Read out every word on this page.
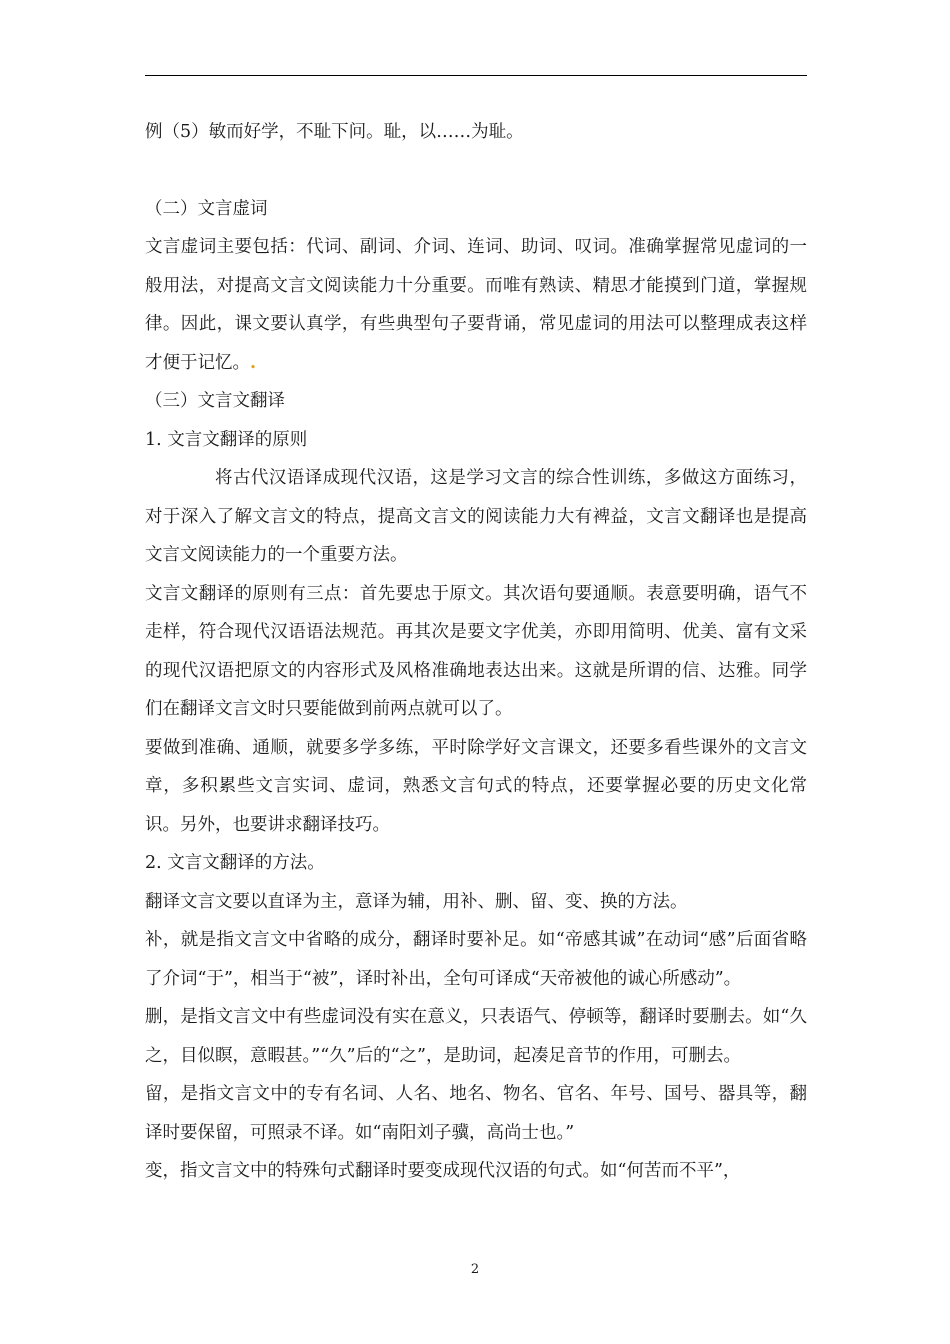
例（5）敏而好学，不耻下问。耻，以……为耻。

（二）文言虚词

文言虚词主要包括：代词、副词、介词、连词、助词、叹词。准确掌握常见虚词的一般用法，对提高文言文阅读能力十分重要。而唯有熟读、精思才能摸到门道，掌握规律。因此，课文要认真学，有些典型句子要背诵，常见虚词的用法可以整理成表这样才便于记忆。.

（三）文言文翻译

1. 文言文翻译的原则

将古代汉语译成现代汉语，这是学习文言的综合性训练，多做这方面练习，对于深入了解文言文的特点，提高文言文的阅读能力大有裨益，文言文翻译也是提高文言文阅读能力的一个重要方法。

文言文翻译的原则有三点：首先要忠于原文。其次语句要通顺。表意要明确，语气不走样，符合现代汉语语法规范。再其次是要文字优美，亦即用简明、优美、富有文采的现代汉语把原文的内容形式及风格准确地表达出来。这就是所谓的信、达雅。同学们在翻译文言文时只要能做到前两点就可以了。

要做到准确、通顺，就要多学多练，平时除学好文言课文，还要多看些课外的文言文章，多积累些文言实词、虚词，熟悉文言句式的特点，还要掌握必要的历史文化常识。另外，也要讲求翻译技巧。

2. 文言文翻译的方法。

翻译文言文要以直译为主，意译为辅，用补、删、留、变、换的方法。

补，就是指文言文中省略的成分，翻译时要补足。如“帝感其诚”在动词“感”后面省略了介词“于”，相当于“被”，译时补出，全句可译成“天帝被他的诚心所感动”。

删，是指文言文中有些虚词没有实在意义，只表语气、停顿等，翻译时要删去。如“久之，目似瞑，意暇甚。”“久”后的“之”，是助词，起凑足音节的作用，可删去。

留，是指文言文中的专有名词、人名、地名、物名、官名、年号、国号、器具等，翻译时要保留，可照录不译。如“南阳刘子骥，高尚士也。”

变，指文言文中的特殊句式翻译时要变成现代汉语的句式。如“何苦而不平”，

2
